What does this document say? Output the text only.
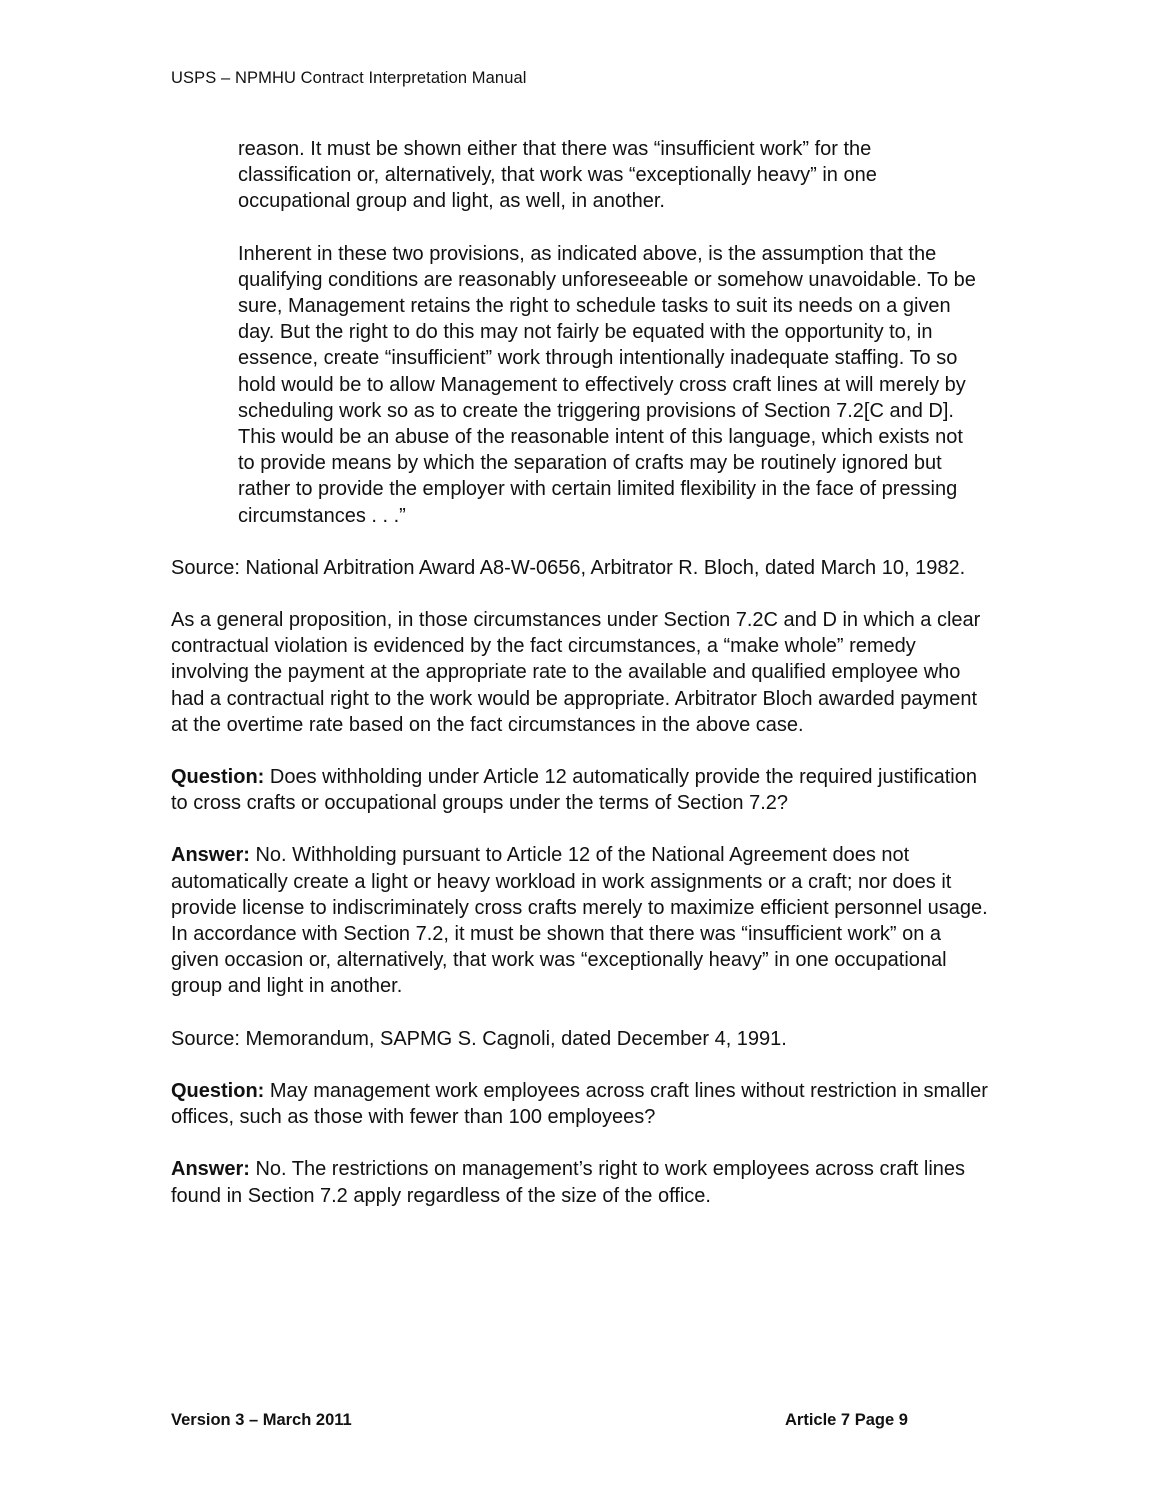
USPS – NPMHU Contract Interpretation Manual

reason. It must be shown either that there was “insufficient work” for the classification or, alternatively, that work was “exceptionally heavy” in one occupational group and light, as well, in another.

Inherent in these two provisions, as indicated above, is the assumption that the qualifying conditions are reasonably unforeseeable or somehow unavoidable. To be sure, Management retains the right to schedule tasks to suit its needs on a given day. But the right to do this may not fairly be equated with the opportunity to, in essence, create “insufficient” work through intentionally inadequate staffing. To so hold would be to allow Management to effectively cross craft lines at will merely by scheduling work so as to create the triggering provisions of Section 7.2[C and D]. This would be an abuse of the reasonable intent of this language, which exists not to provide means by which the separation of crafts may be routinely ignored but rather to provide the employer with certain limited flexibility in the face of pressing circumstances . . .”

Source: National Arbitration Award A8-W-0656, Arbitrator R. Bloch, dated March 10, 1982.

As a general proposition, in those circumstances under Section 7.2C and D in which a clear contractual violation is evidenced by the fact circumstances, a “make whole” remedy involving the payment at the appropriate rate to the available and qualified employee who had a contractual right to the work would be appropriate. Arbitrator Bloch awarded payment at the overtime rate based on the fact circumstances in the above case.

Question: Does withholding under Article 12 automatically provide the required justification to cross crafts or occupational groups under the terms of Section 7.2?

Answer: No. Withholding pursuant to Article 12 of the National Agreement does not automatically create a light or heavy workload in work assignments or a craft; nor does it provide license to indiscriminately cross crafts merely to maximize efficient personnel usage. In accordance with Section 7.2, it must be shown that there was “insufficient work” on a given occasion or, alternatively, that work was “exceptionally heavy” in one occupational group and light in another.

Source: Memorandum, SAPMG S. Cagnoli, dated December 4, 1991.

Question: May management work employees across craft lines without restriction in smaller offices, such as those with fewer than 100 employees?

Answer: No. The restrictions on management’s right to work employees across craft lines found in Section 7.2 apply regardless of the size of the office.

Version 3 – March 2011	Article 7 Page 9
